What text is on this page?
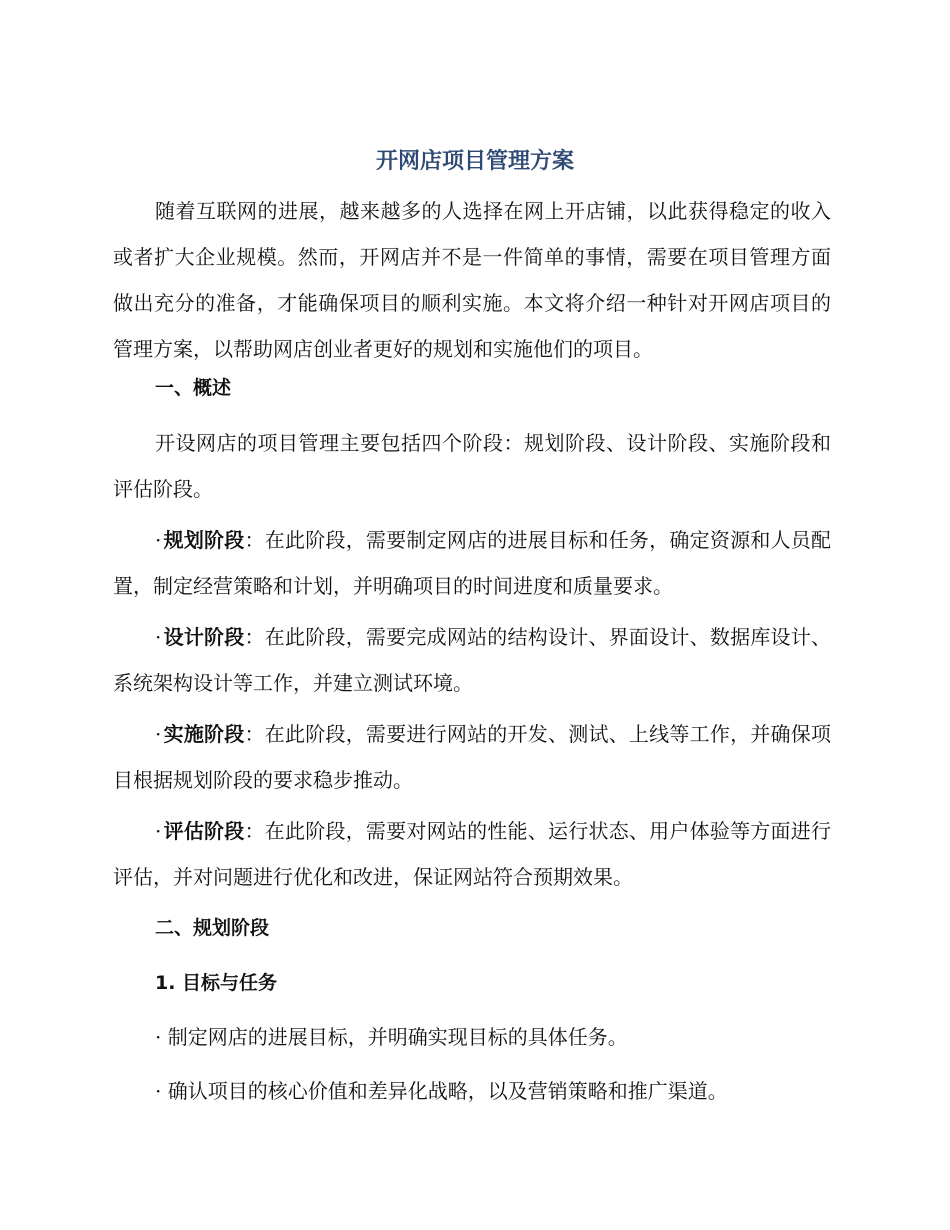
开网店项目管理方案

随着互联网的进展，越来越多的人选择在网上开店铺，以此获得稳定的收入或者扩大企业规模。然而，开网店并不是一件简单的事情，需要在项目管理方面做出充分的准备，才能确保项目的顺利实施。本文将介绍一种针对开网店项目的管理方案，以帮助网店创业者更好的规划和实施他们的项目。

一、概述

开设网店的项目管理主要包括四个阶段：规划阶段、设计阶段、实施阶段和评估阶段。

· 规划阶段：在此阶段，需要制定网店的进展目标和任务，确定资源和人员配置，制定经营策略和计划，并明确项目的时间进度和质量要求。

· 设计阶段：在此阶段，需要完成网站的结构设计、界面设计、数据库设计、系统架构设计等工作，并建立测试环境。

· 实施阶段：在此阶段，需要进行网站的开发、测试、上线等工作，并确保项目根据规划阶段的要求稳步推动。

· 评估阶段：在此阶段，需要对网站的性能、运行状态、用户体验等方面进行评估，并对问题进行优化和改进，保证网站符合预期效果。

二、规划阶段
1. 目标与任务

· 制定网店的进展目标，并明确实现目标的具体任务。

· 确认项目的核心价值和差异化战略，以及营销策略和推广渠道。
